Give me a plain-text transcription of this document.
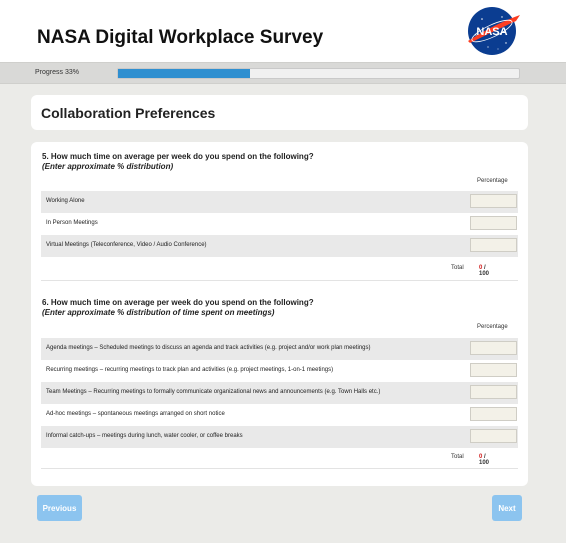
NASA Digital Workplace Survey	NASA
Progress 33%
Collaboration Preferences
5. How much time on average per week do you spend on the following?
(Enter approximate % distribution)
Percentage
Working Alone
In Person Meetings
Virtual Meetings (Teleconference, Video / Audio Conference)
Total	0 / 100
6. How much time on average per week do you spend on the following?
(Enter approximate % distribution of time spent on meetings)
Percentage
Agenda meetings – Scheduled meetings to discuss an agenda and track activities (e.g. project and/or work plan meetings)
Recurring meetings – recurring meetings to track plan and activities (e.g. project meetings, 1-on-1 meetings)
Team Meetings – Recurring meetings to formally communicate organizational news and announcements (e.g. Town Halls etc.)
Ad-hoc meetings – spontaneous meetings arranged on short notice
Informal catch-ups – meetings during lunch, water cooler, or coffee breaks
Total	0 / 100
Previous	Next
